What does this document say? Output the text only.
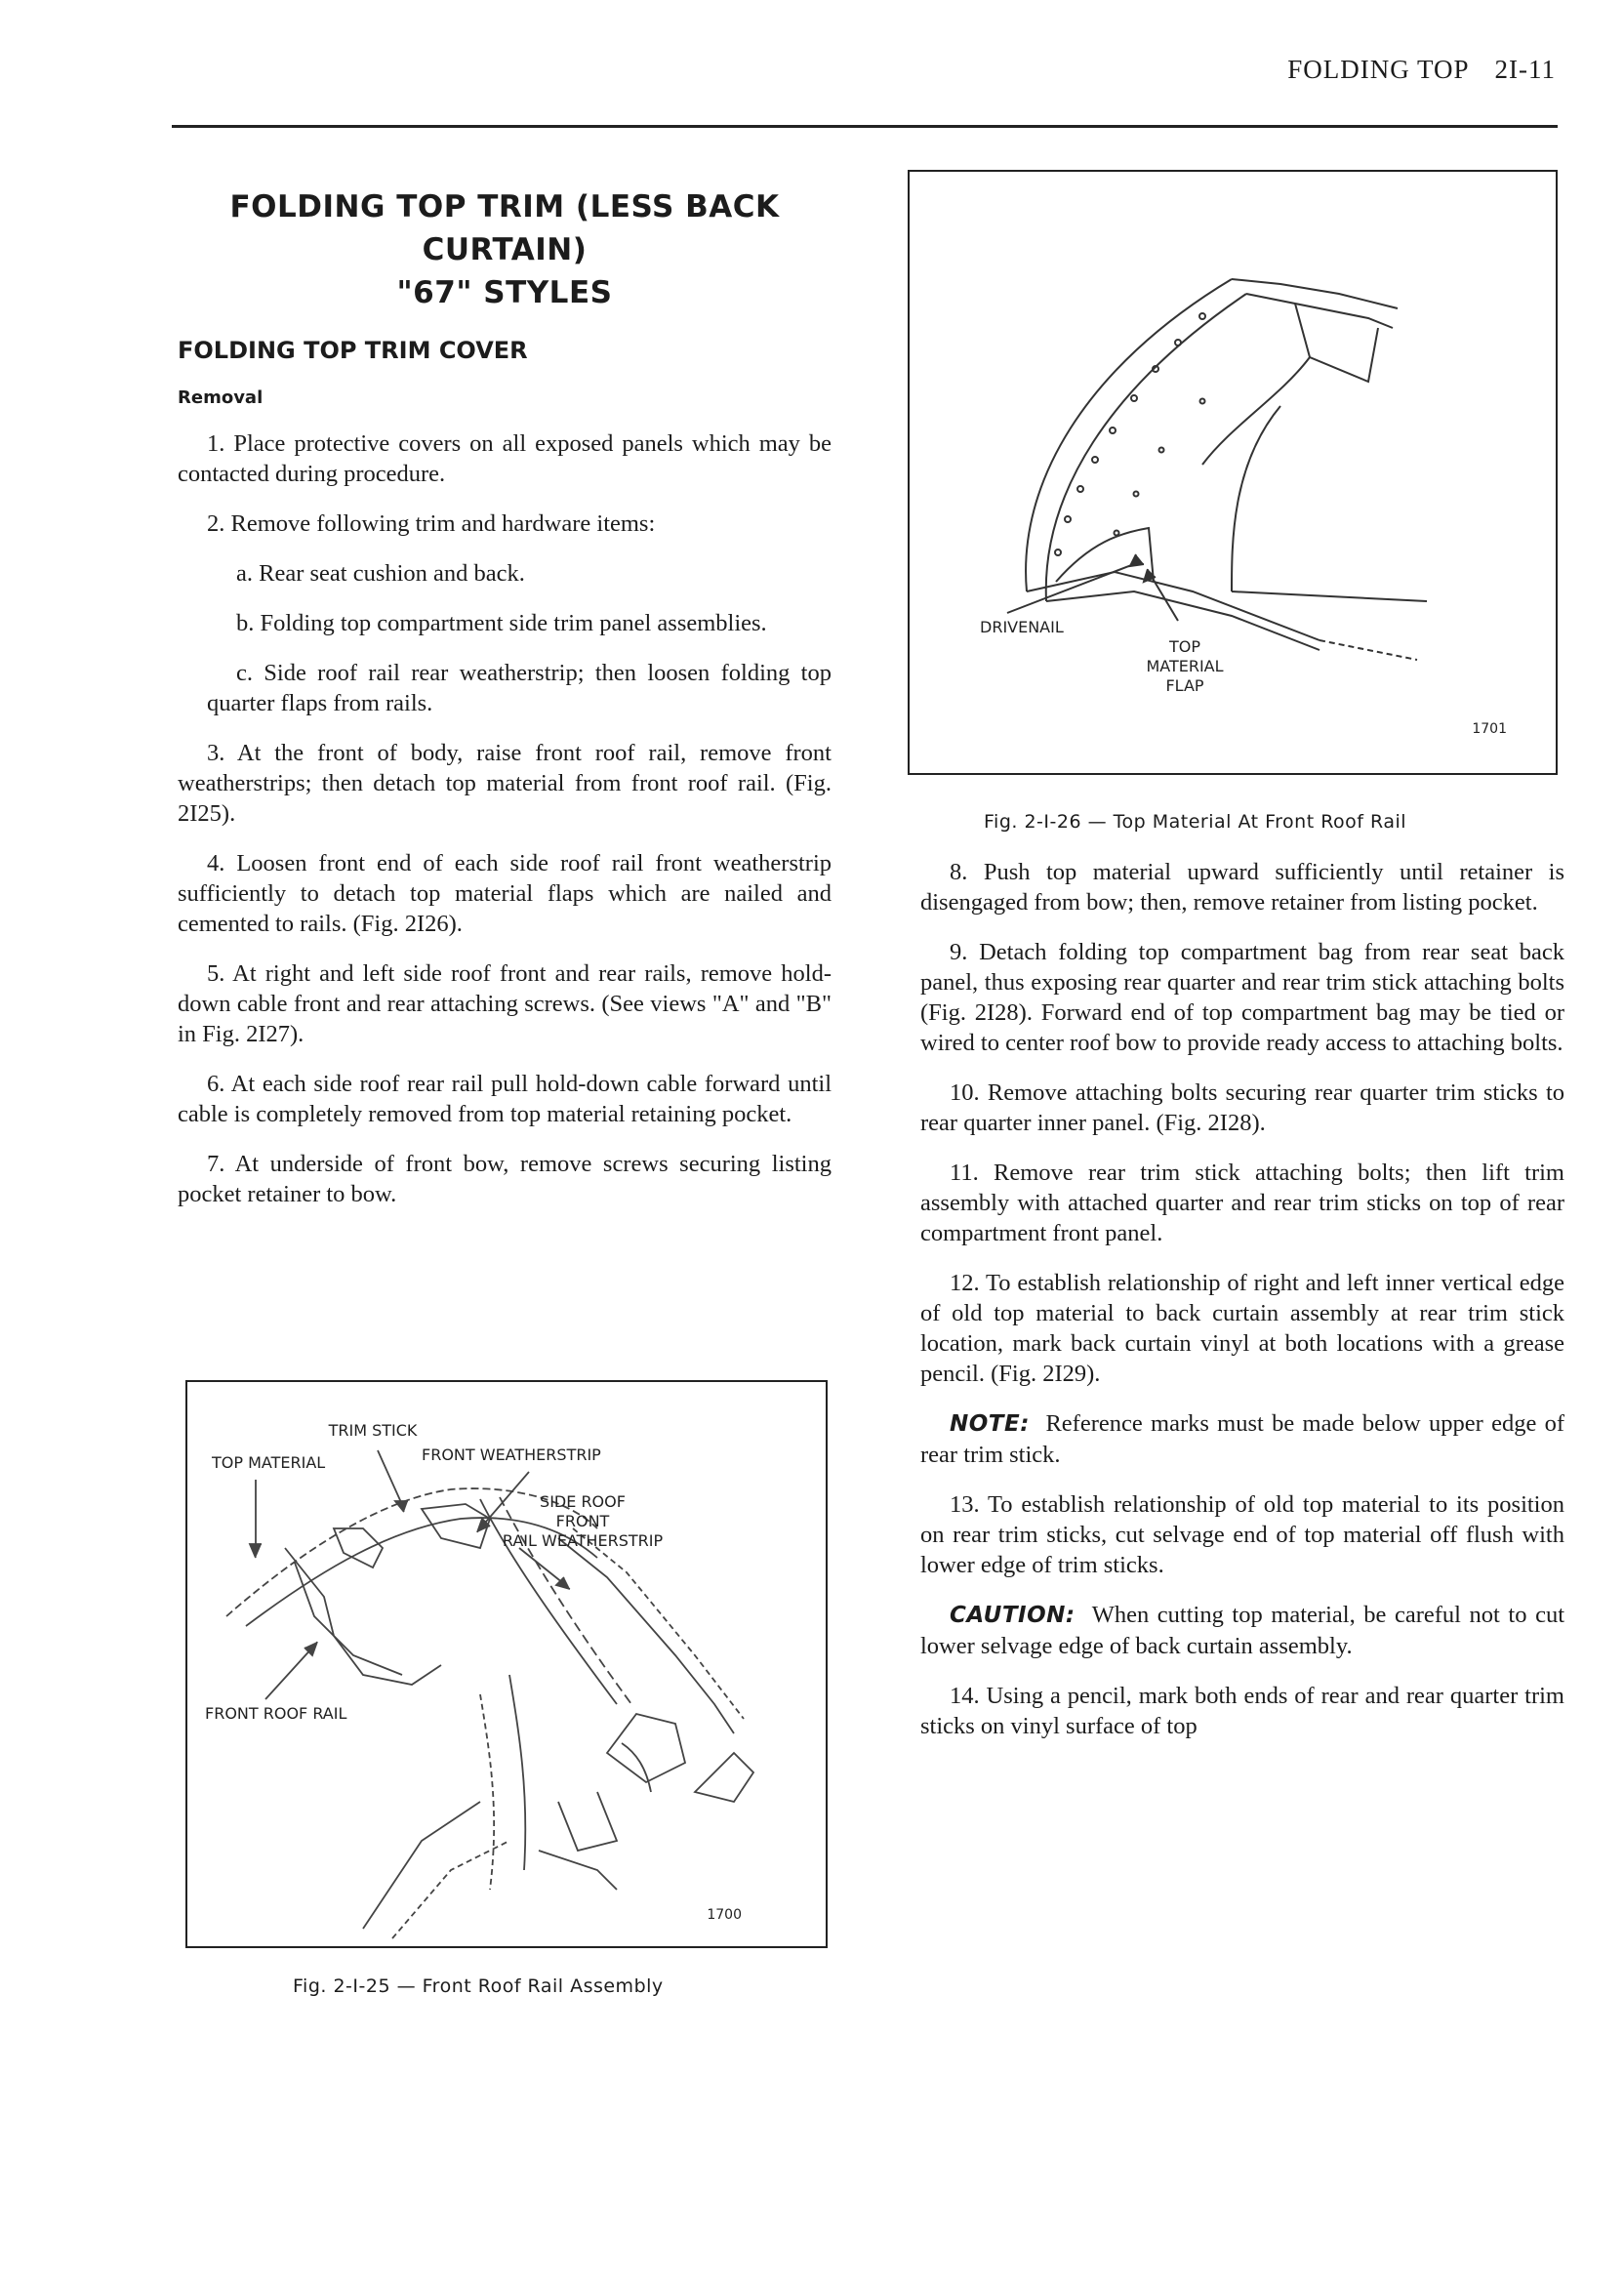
FOLDING TOP 2I-11
FOLDING TOP TRIM (LESS BACK CURTAIN)
"67" STYLES
FOLDING TOP TRIM COVER
Removal

1. Place protective covers on all exposed panels which may be contacted during procedure.

2. Remove following trim and hardware items:

a. Rear seat cushion and back.

b. Folding top compartment side trim panel assemblies.

c. Side roof rail rear weatherstrip; then loosen folding top quarter flaps from rails.

3. At the front of body, raise front roof rail, remove front weatherstrips; then detach top material from front roof rail. (Fig. 2I25).

4. Loosen front end of each side roof rail front weatherstrip sufficiently to detach top material flaps which are nailed and cemented to rails. (Fig. 2I26).

5. At right and left side roof front and rear rails, remove hold-down cable front and rear attaching screws. (See views "A" and "B" in Fig. 2I27).

6. At each side roof rear rail pull hold-down cable forward until cable is completely removed from top material retaining pocket.

7. At underside of front bow, remove screws securing listing pocket retainer to bow.

DRIVENAIL
TOP
MATERIAL
FLAP
1701
Fig. 2-I-26 — Top Material At Front Roof Rail

8. Push top material upward sufficiently until retainer is disengaged from bow; then, remove retainer from listing pocket.

9. Detach folding top compartment bag from rear seat back panel, thus exposing rear quarter and rear trim stick attaching bolts (Fig. 2I28). Forward end of top compartment bag may be tied or wired to center roof bow to provide ready access to attaching bolts.

10. Remove attaching bolts securing rear quarter trim sticks to rear quarter inner panel. (Fig. 2I28).

11. Remove rear trim stick attaching bolts; then lift trim assembly with attached quarter and rear trim sticks on top of rear compartment front panel.

12. To establish relationship of right and left inner vertical edge of old top material to back curtain assembly at rear trim stick location, mark back curtain vinyl at both locations with a grease pencil. (Fig. 2I29).

NOTE: Reference marks must be made below upper edge of rear trim stick.

13. To establish relationship of old top material to its position on rear trim sticks, cut selvage end of top material off flush with lower edge of trim sticks.

CAUTION: When cutting top material, be careful not to cut lower selvage edge of back curtain assembly.

14. Using a pencil, mark both ends of rear and rear quarter trim sticks on vinyl surface of top

TRIM STICK
TOP MATERIAL	FRONT WEATHERSTRIP
SIDE ROOF
FRONT
RAIL WEATHERSTRIP
FRONT ROOF RAIL
1700
Fig. 2-I-25 — Front Roof Rail Assembly
